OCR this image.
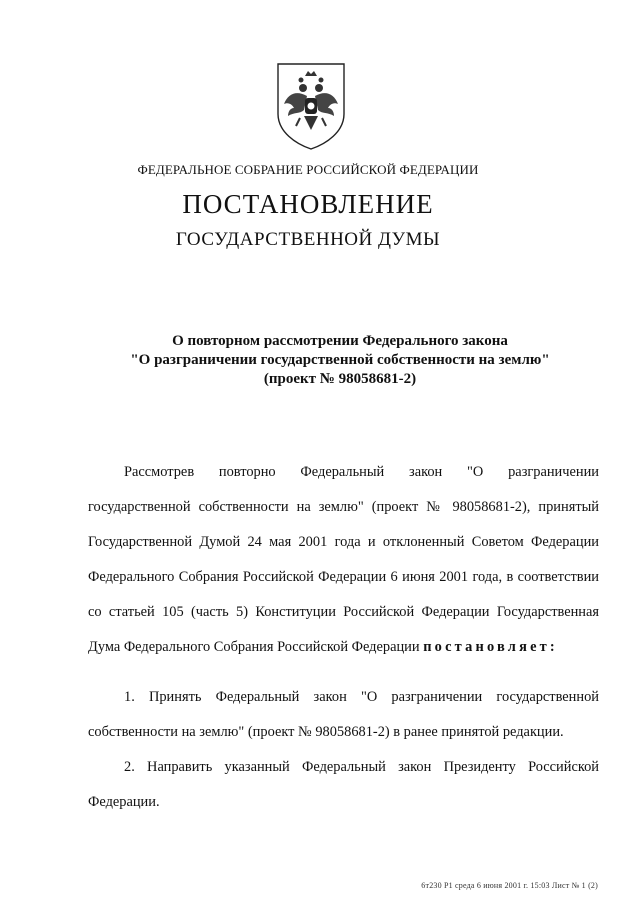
ФЕДЕРАЛЬНОЕ СОБРАНИЕ РОССИЙСКОЙ ФЕДЕРАЦИИ
ПОСТАНОВЛЕНИЕ
ГОСУДАРСТВЕННОЙ ДУМЫ
О повторном рассмотрении Федерального закона
"О разграничении государственной собственности на землю"
(проект № 98058681-2)

Рассмотрев повторно Федеральный закон "О разграничении государственной собственности на землю" (проект № 98058681-2), принятый Государственной Думой 24 мая 2001 года и отклоненный Советом Федерации Федерального Собрания Российской Федерации 6 июня 2001 года, в соответствии со статьей 105 (часть 5) Конституции Российской Федерации Государственная Дума Федерального Собрания Российской Федерации постановляет:

1. Принять Федеральный закон "О разграничении государственной собственности на землю" (проект № 98058681-2) в ранее принятой редакции.

2. Направить указанный Федеральный закон Президенту Российской Федерации.

6т230 Р1 среда 6 июня 2001 г. 15:03 Лист № 1 (2)
